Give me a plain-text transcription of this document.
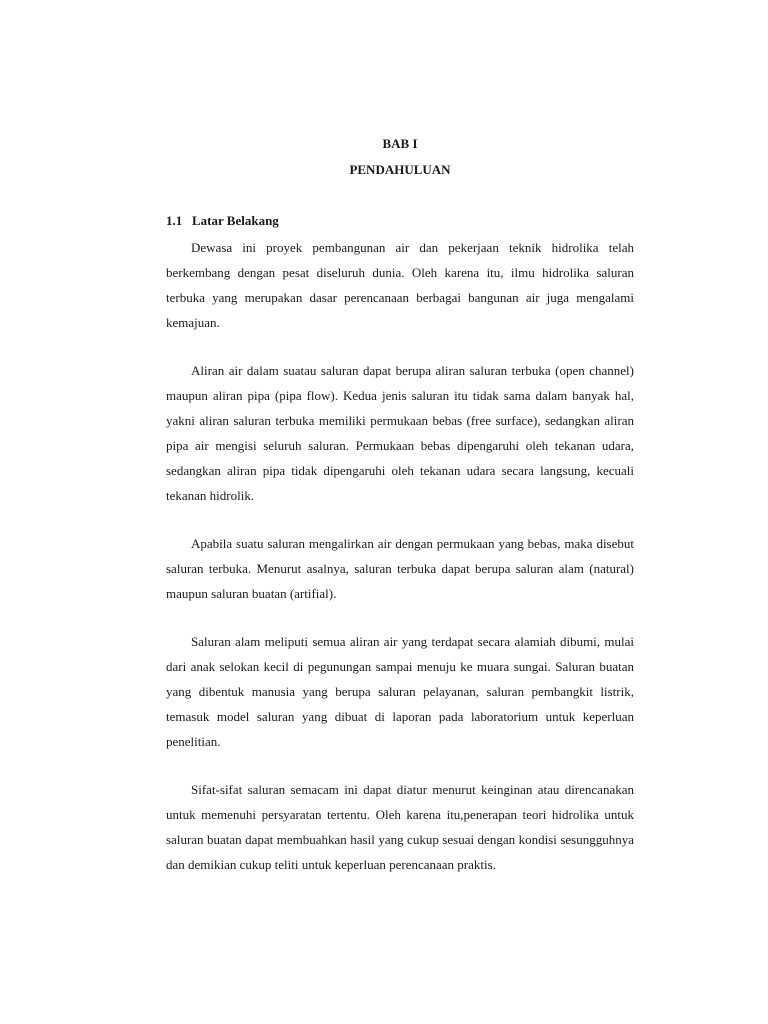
BAB I
PENDAHULUAN
1.1 Latar Belakang

Dewasa ini proyek pembangunan air dan pekerjaan teknik hidrolika telah berkembang dengan pesat diseluruh dunia. Oleh karena itu, ilmu hidrolika saluran terbuka yang merupakan dasar perencanaan berbagai bangunan air juga mengalami kemajuan.

Aliran air dalam suatau saluran dapat berupa aliran saluran terbuka (open channel) maupun aliran pipa (pipa flow). Kedua jenis saluran itu tidak sama dalam banyak hal, yakni aliran saluran terbuka memiliki permukaan bebas (free surface), sedangkan aliran pipa air mengisi seluruh saluran. Permukaan bebas dipengaruhi oleh tekanan udara, sedangkan aliran pipa tidak dipengaruhi oleh tekanan udara secara langsung, kecuali tekanan hidrolik.

Apabila suatu saluran mengalirkan air dengan permukaan yang bebas, maka disebut saluran terbuka. Menurut asalnya, saluran terbuka dapat berupa saluran alam (natural) maupun saluran buatan (artifial).

Saluran alam meliputi semua aliran air yang terdapat secara alamiah dibumi, mulai dari anak selokan kecil di pegunungan sampai menuju ke muara sungai. Saluran buatan yang dibentuk manusia yang berupa saluran pelayanan, saluran pembangkit listrik, temasuk model saluran yang dibuat di laporan pada laboratorium untuk keperluan penelitian.

Sifat-sifat saluran semacam ini dapat diatur menurut keinginan atau direncanakan untuk memenuhi persyaratan tertentu. Oleh karena itu,penerapan teori hidrolika untuk saluran buatan dapat membuahkan hasil yang cukup sesuai dengan kondisi sesungguhnya dan demikian cukup teliti untuk keperluan perencanaan praktis.
